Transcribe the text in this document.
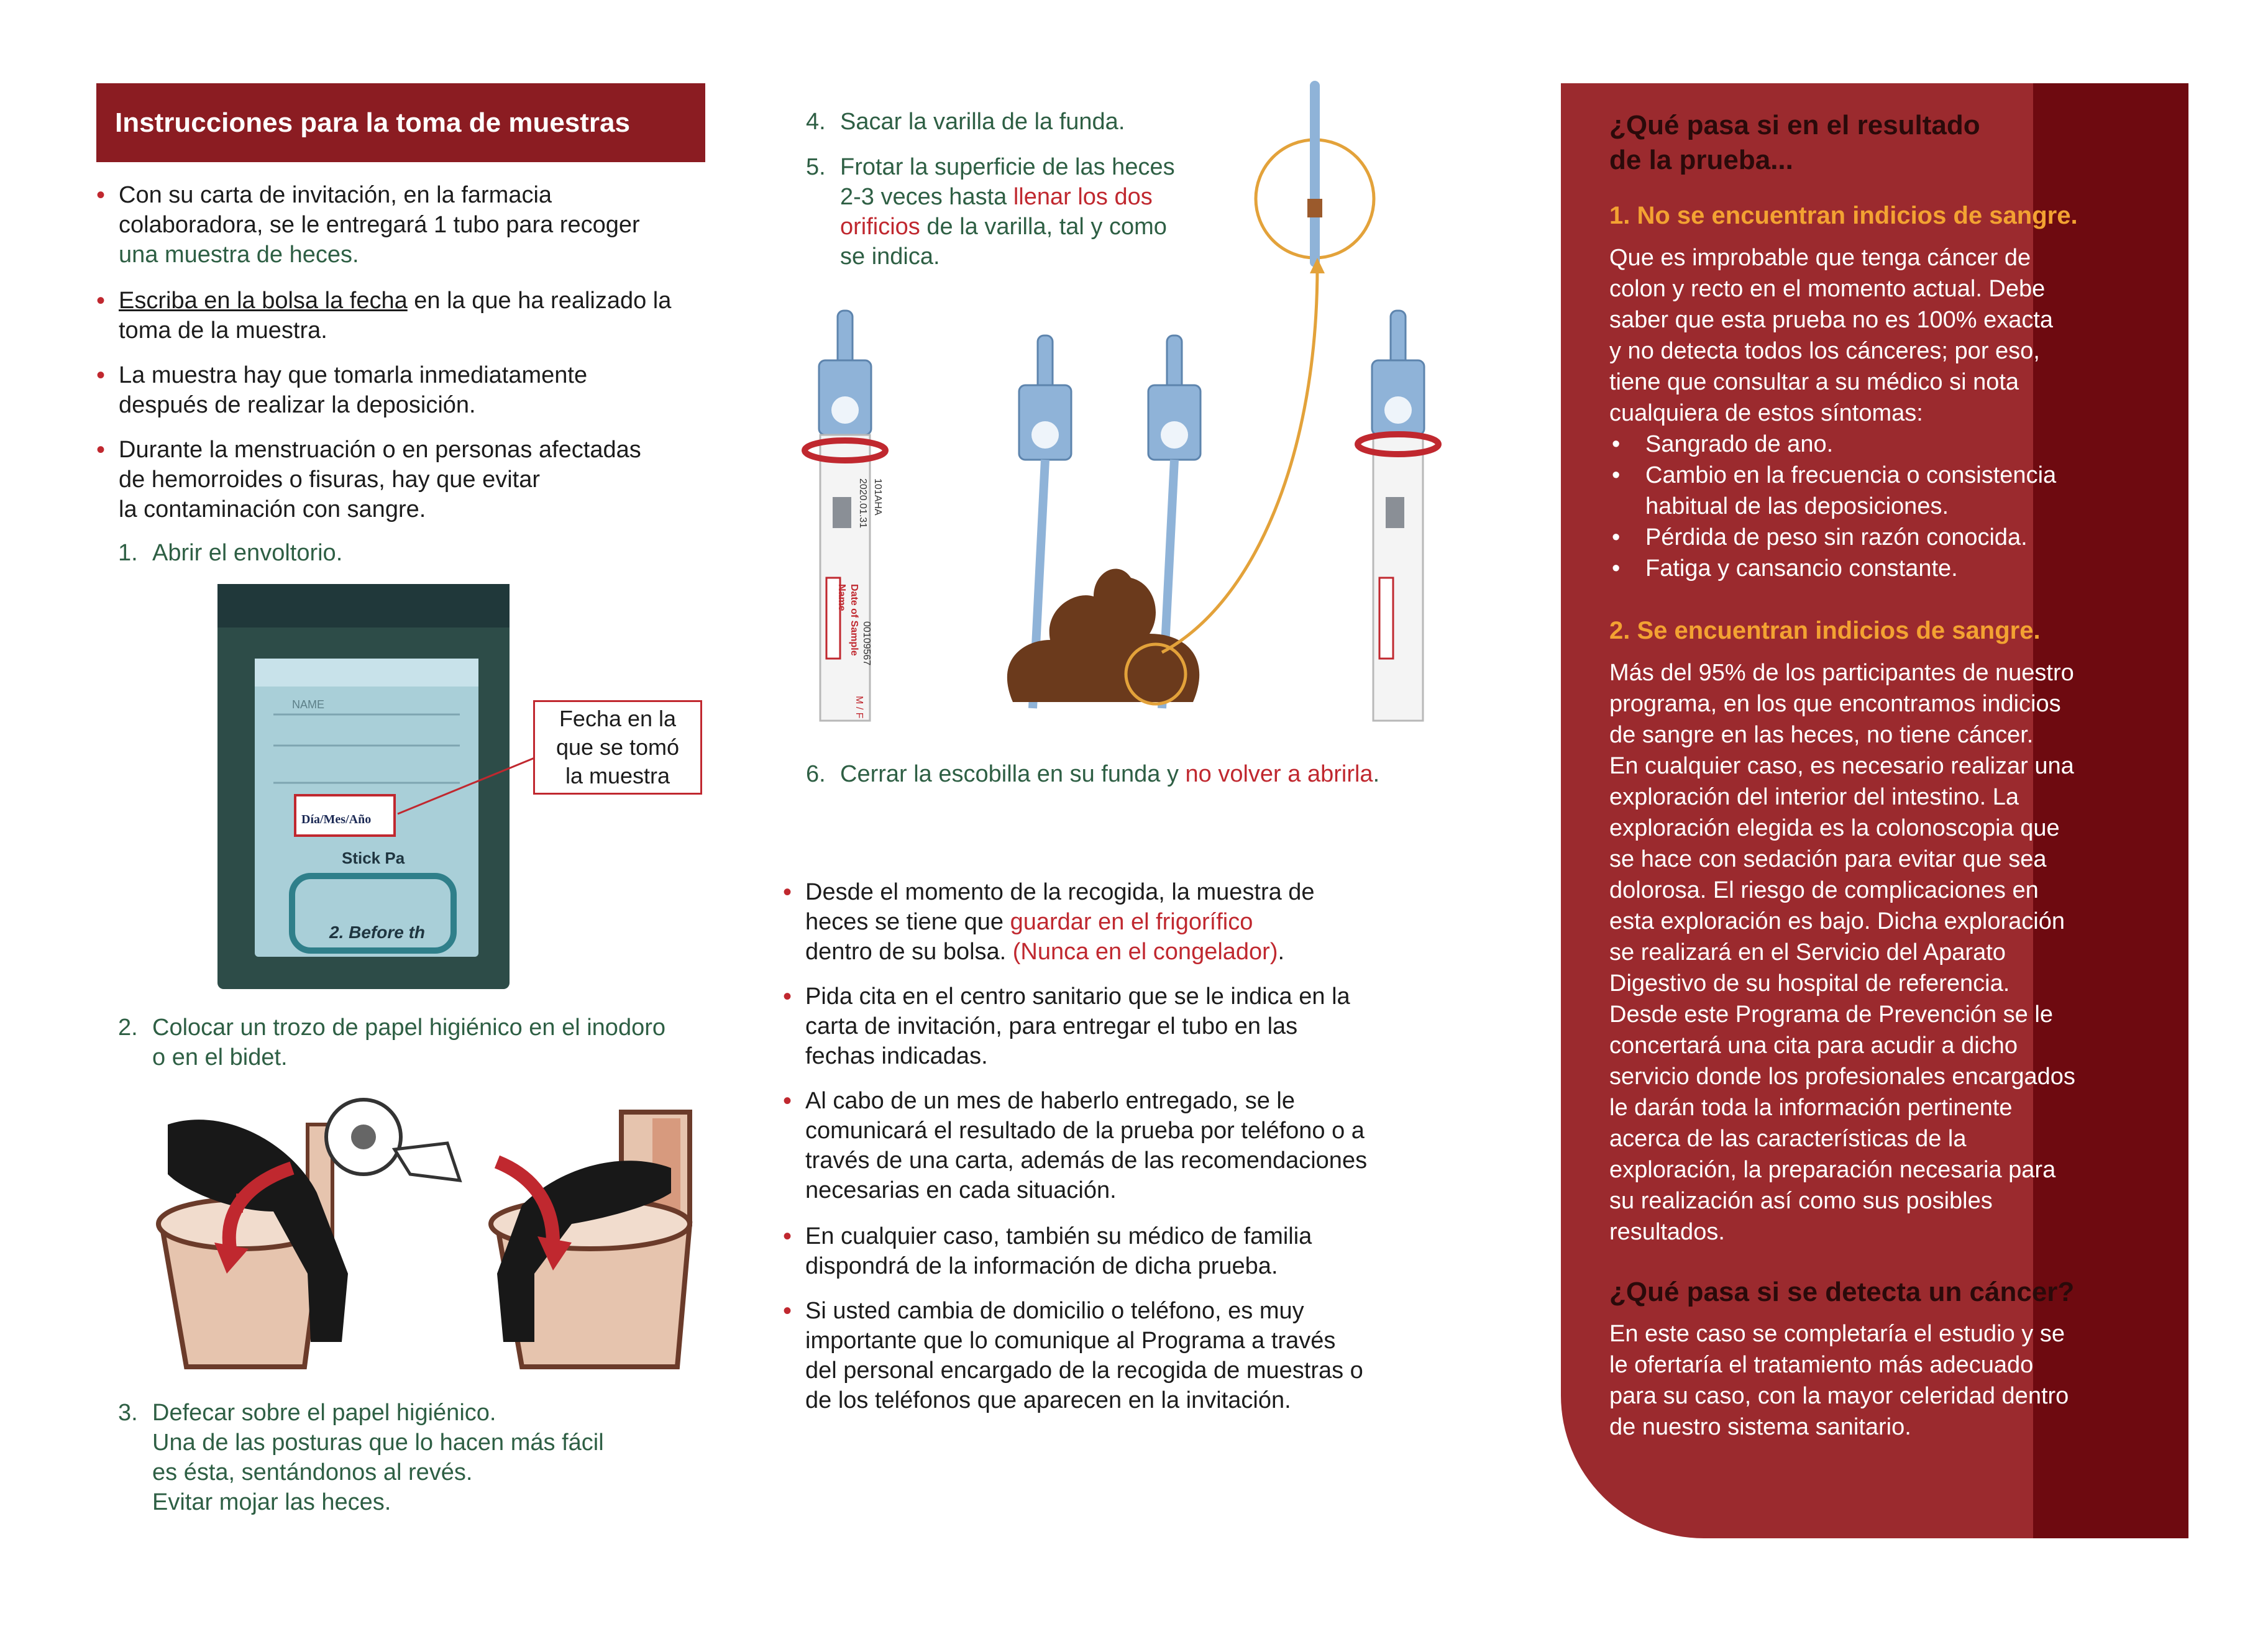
Instrucciones para la toma de muestras
• Con su carta de invitación, en la farmacia
colaboradora, se le entregará 1 tubo para recoger
una muestra de heces.
• Escriba en la bolsa la fecha en la que ha realizado la
toma de la muestra.
• La muestra hay que tomarla inmediatamente
después de realizar la deposición.
• Durante la menstruación o en personas afectadas
de hemorroides o fisuras, hay que evitar
la contaminación con sangre.
1. Abrir el envoltorio.
NAME
Día/Mes/Año
Stick Pa
2. Before th
Fecha en la
que se tomó
la muestra
2. Colocar un trozo de papel higiénico en el inodoro
o en el bidet.
3. Defecar sobre el papel higiénico.
Una de las posturas que lo hacen más fácil
es ésta, sentándonos al revés.
Evitar mojar las heces.
4. Sacar la varilla de la funda.
5. Frotar la superficie de las heces
2-3 veces hasta llenar los dos
orificios de la varilla, tal y como
se indica.
LOT
101AHA
2020.01.31
Name Date of Sample 00109567
M / F
6. Cerrar la escobilla en su funda y no volver a abrirla.
• Desde el momento de la recogida, la muestra de
heces se tiene que guardar en el frigorífico
dentro de su bolsa. (Nunca en el congelador).
• Pida cita en el centro sanitario que se le indica en la
carta de invitación, para entregar el tubo en las
fechas indicadas.
• Al cabo de un mes de haberlo entregado, se le
comunicará el resultado de la prueba por teléfono o a
través de una carta, además de las recomendaciones
necesarias en cada situación.
• En cualquier caso, también su médico de familia
dispondrá de la información de dicha prueba.
• Si usted cambia de domicilio o teléfono, es muy
importante que lo comunique al Programa a través
del personal encargado de la recogida de muestras o
de los teléfonos que aparecen en la invitación.
¿Qué pasa si en el resultado
de la prueba...
1. No se encuentran indicios de sangre.
Que es improbable que tenga cáncer de
colon y recto en el momento actual. Debe
saber que esta prueba no es 100% exacta
y no detecta todos los cánceres; por eso,
tiene que consultar a su médico si nota
cualquiera de estos síntomas:
• Sangrado de ano.
• Cambio en la frecuencia o consistencia
habitual de las deposiciones.
• Pérdida de peso sin razón conocida.
• Fatiga y cansancio constante.
2. Se encuentran indicios de sangre.
Más del 95% de los participantes de nuestro
programa, en los que encontramos indicios
de sangre en las heces, no tiene cáncer.
En cualquier caso, es necesario realizar una
exploración del interior del intestino. La
exploración elegida es la colonoscopia que
se hace con sedación para evitar que sea
dolorosa. El riesgo de complicaciones en
esta exploración es bajo. Dicha exploración
se realizará en el Servicio del Aparato
Digestivo de su hospital de referencia.
Desde este Programa de Prevención se le
concertará una cita para acudir a dicho
servicio donde los profesionales encargados
le darán toda la información pertinente
acerca de las características de la
exploración, la preparación necesaria para
su realización así como sus posibles
resultados.
¿Qué pasa si se detecta un cáncer?
En este caso se completaría el estudio y se
le ofertaría el tratamiento más adecuado
para su caso, con la mayor celeridad dentro
de nuestro sistema sanitario.
